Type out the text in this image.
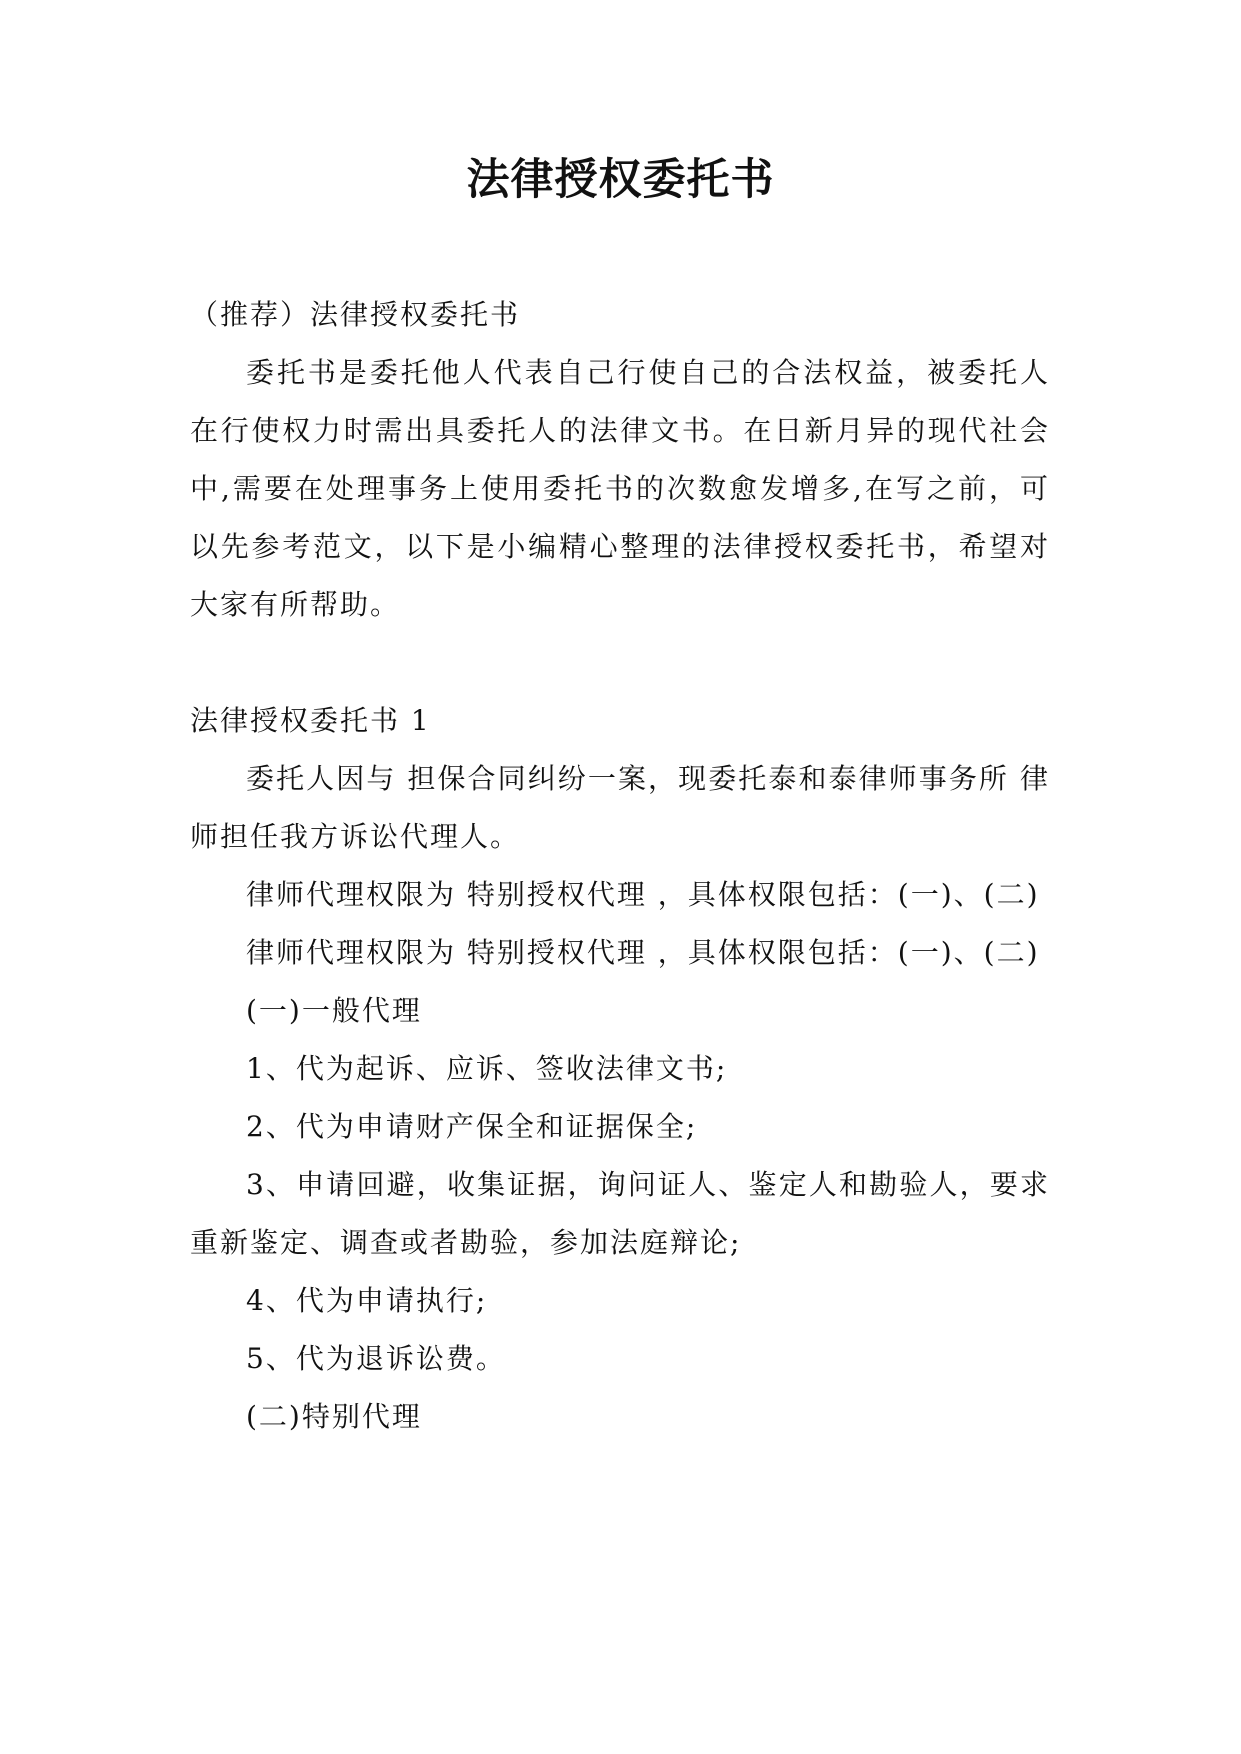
法律授权委托书

（推荐）法律授权委托书

委托书是委托他人代表自己行使自己的合法权益，被委托人在行使权力时需出具委托人的法律文书。在日新月异的现代社会中,需要在处理事务上使用委托书的次数愈发增多,在写之前，可以先参考范文，以下是小编精心整理的法律授权委托书，希望对大家有所帮助。

法律授权委托书 1

委托人因与 担保合同纠纷一案，现委托泰和泰律师事务所 律师担任我方诉讼代理人。

律师代理权限为 特别授权代理 ，具体权限包括：(一)、(二)

律师代理权限为 特别授权代理 ，具体权限包括：(一)、(二)

(一)一般代理

1、代为起诉、应诉、签收法律文书;

2、代为申请财产保全和证据保全;

3、申请回避，收集证据，询问证人、鉴定人和勘验人，要求重新鉴定、调查或者勘验，参加法庭辩论;

4、代为申请执行;

5、代为退诉讼费。

(二)特别代理
